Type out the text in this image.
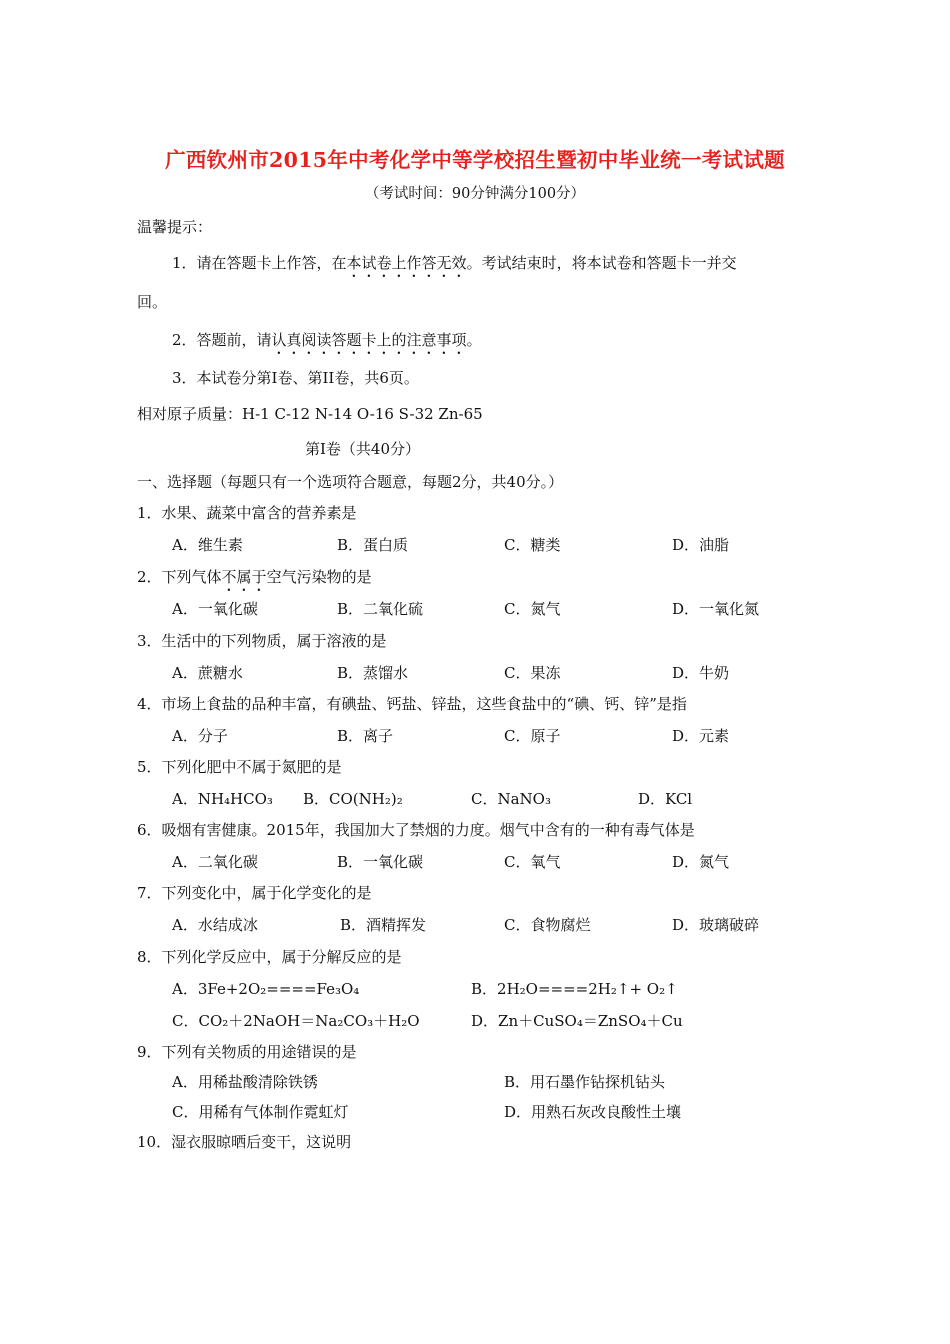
广西钦州市2015年中考化学中等学校招生暨初中毕业统一考试试题
（考试时间：90分钟满分100分）
温馨提示：
1．请在答题卡上作答，在本试卷上作答无效。考试结束时，将本试卷和答题卡一并交
回。
2．答题前，请认真阅读答题卡上的注意事项。
3．本试卷分第Ⅰ卷、第II卷，共6页。
相对原子质量：H-1 C-12 N-14 O-16 S-32 Zn-65
第Ⅰ卷（共40分）
一、选择题（每题只有一个选项符合题意，每题2分，共40分。）
1．水果、蔬菜中富含的营养素是
A．维生素	B．蛋白质	C．糖类	D．油脂
2．下列气体不属于空气污染物的是
A．一氧化碳	B．二氧化硫	C．氮气	D．一氧化氮
3．生活中的下列物质，属于溶液的是
A．蔗糖水	B．蒸馏水	C．果冻	D．牛奶
4．市场上食盐的品种丰富，有碘盐、钙盐、锌盐，这些食盐中的“碘、钙、锌”是指
A．分子	B．离子	C．原子	D．元素
5．下列化肥中不属于氮肥的是
A．NH₄HCO₃ B．CO(NH₂)₂	C．NaNO₃	D．KCl
6．吸烟有害健康。2015年，我国加大了禁烟的力度。烟气中含有的一种有毒气体是
A．二氧化碳	B．一氧化碳	C．氧气	D．氮气
7．下列变化中，属于化学变化的是
A．水结成冰	B．酒精挥发	C．食物腐烂	D．玻璃破碎
8．下列化学反应中，属于分解反应的是
A．3Fe+2O₂====Fe₃O₄	B．2H₂O====2H₂↑+ O₂↑
C．CO₂＋2NaOH＝Na₂CO₃＋H₂O	D．Zn＋CuSO₄＝ZnSO₄＋Cu
9．下列有关物质的用途错误的是
A．用稀盐酸清除铁锈	B．用石墨作钻探机钻头
C．用稀有气体制作霓虹灯	D．用熟石灰改良酸性土壤
10．湿衣服晾晒后变干，这说明
